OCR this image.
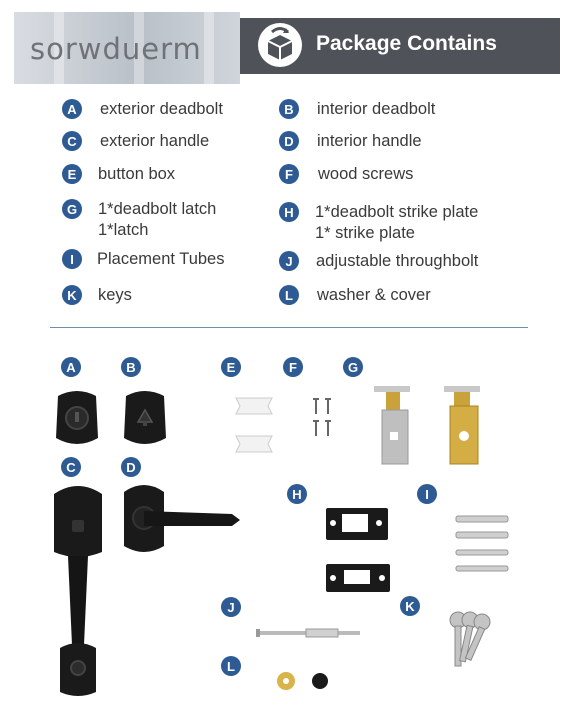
sorwduerm	Package Contains
A	exterior deadbolt
C	exterior handle
E	button box
G 1*deadbolt latch
1*latch
I	Placement Tubes
K	keys
B	interior deadbolt
D	interior handle
F	wood screws
H	1*deadbolt strike plate
1* strike plate
J	adjustable throughbolt
L	washer & cover
A	B	E	F	G
C	D
H	I
J	K
L
